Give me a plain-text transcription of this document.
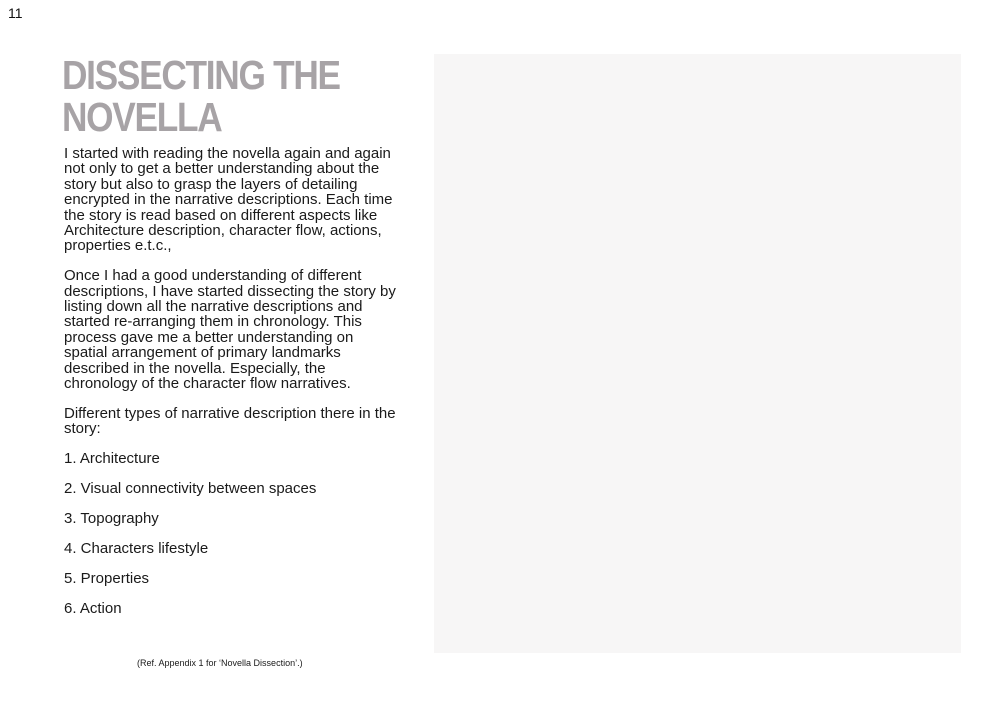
11
DISSECTING THE
NOVELLA

I started with reading the novella again and again not only to get a better understanding about the story but also to grasp the layers of detailing encrypted in the narrative descriptions. Each time the story is read based on different aspects like Architecture description, character flow, actions, properties e.t.c.,

Once I had a good understanding of different descriptions, I have started dissecting the story by listing down all the narrative descriptions and started re-arranging them in chronology. This process gave me a better understanding on spatial arrangement of primary landmarks described in the novella. Especially, the chronology of the character flow narratives.

Different types of narrative description there in the story:

1. Architecture
2. Visual connectivity between spaces
3. Topography
4. Characters lifestyle
5. Properties
6. Action
(Ref. Appendix 1 for ‘Novella Dissection’.)
